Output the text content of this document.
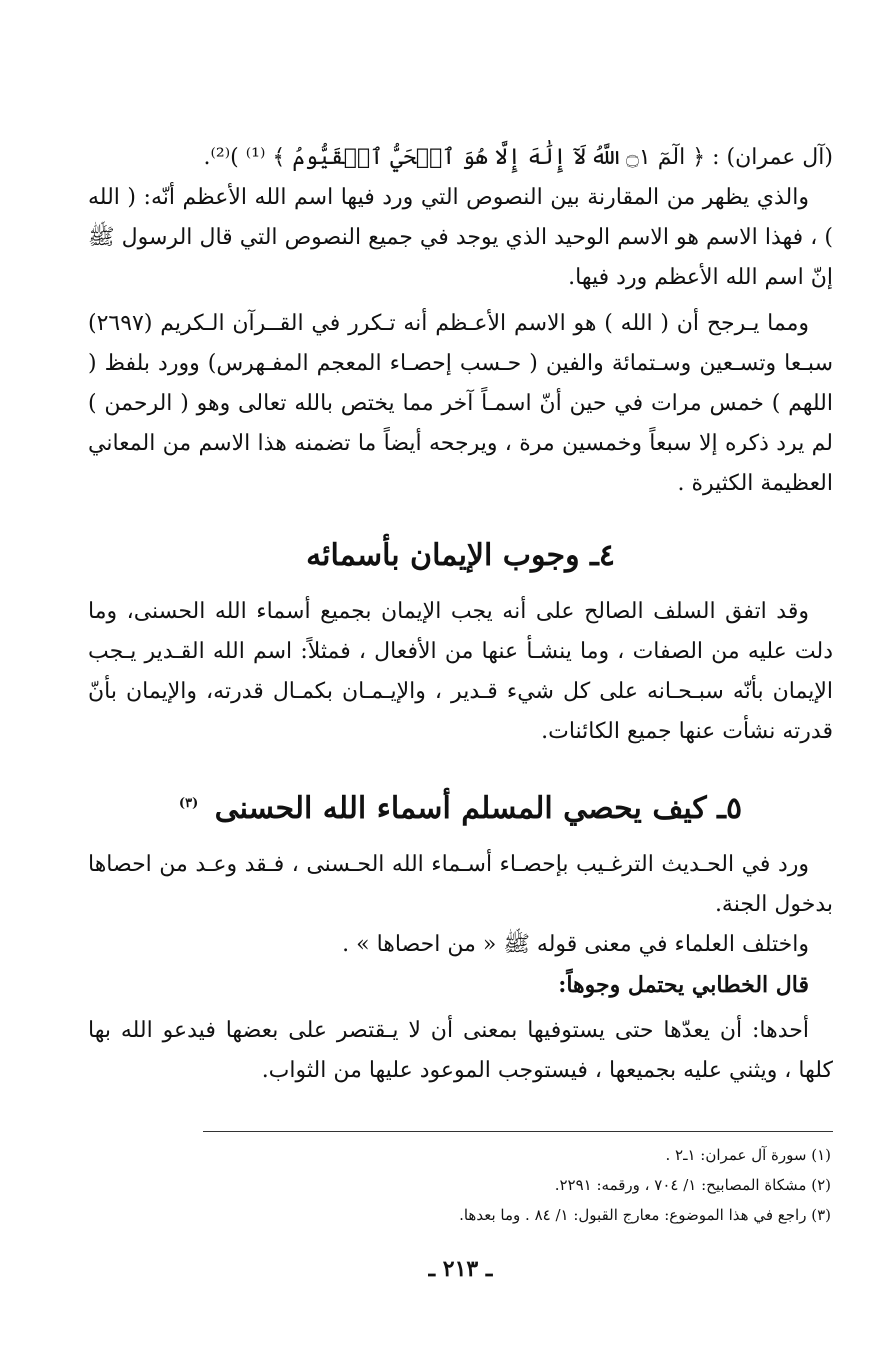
(آل عمران) : ﴿ الٓمٓ ۝١ اللَّهُ لَآ إِلَٰهَ إِلَّا هُوَ ٱلۡحَيُّ ٱلۡقَيُّومُ ﴾ ⁽¹⁾ )⁽²⁾.

والذي يظهر من المقارنة بين النصوص التي ورد فيها اسم الله الأعظم أنّه: ( الله ) ، فهذا الاسم هو الاسم الوحيد الذي يوجد في جميع النصوص التي قال الرسول ﷺ إنّ اسم الله الأعظم ورد فيها.

ومما يـرجح أن ( الله ) هو الاسم الأعـظم أنه تـكرر في القــرآن الـكريم (٢٦٩٧) سبـعا وتسـعين وسـتمائة والفين ( حـسب إحصـاء المعجم المفـهرس) وورد بلفظ ( اللهم ) خمس مرات في حين أنّ اسمـاً آخر مما يختص بالله تعالى وهو ( الرحمن ) لم يرد ذكره إلا سبعاً وخمسين مرة ، ويرجحه أيضاً ما تضمنه هذا الاسم من المعاني العظيمة الكثيرة .

٤ـ وجوب الإيمان بأسمائه

وقد اتفق السلف الصالح على أنه يجب الإيمان بجميع أسماء الله الحسنى، وما دلت عليه من الصفات ، وما ينشـأ عنها من الأفعال ، فمثلاً: اسم الله القـدير يـجب الإيمان بأنّه سبـحـانه على كل شيء قـدير ، والإيـمـان بكمـال قدرته، والإيمان بأنّ قدرته نشأت عنها جميع الكائنات.

٥ـ كيف يحصي المسلم أسماء الله الحسنى $^{(٣)}$

ورد في الحـديث الترغـيب بإحصـاء أسـماء الله الحـسنى ، فـقد وعـد من احصاها بدخول الجنة.

واختلف العلماء في معنى قوله ﷺ « من احصاها » .

قال الخطابي يحتمل وجوهاً:

أحدها: أن يعدّها حتى يستوفيها بمعنى أن لا يـقتصر على بعضها فيدعو الله بها كلها ، ويثني عليه بجميعها ، فيستوجب الموعود عليها من الثواب.

(١) سورة آل عمران: ١ـ٢ .
(٢) مشكاة المصابيح: ١/ ٧٠٤ ، ورقمه: ٢٢٩١.
(٣) راجع في هذا الموضوع: معارج القبول: ١/ ٨٤ . وما بعدها.
ـ ٢١٣ ـ
